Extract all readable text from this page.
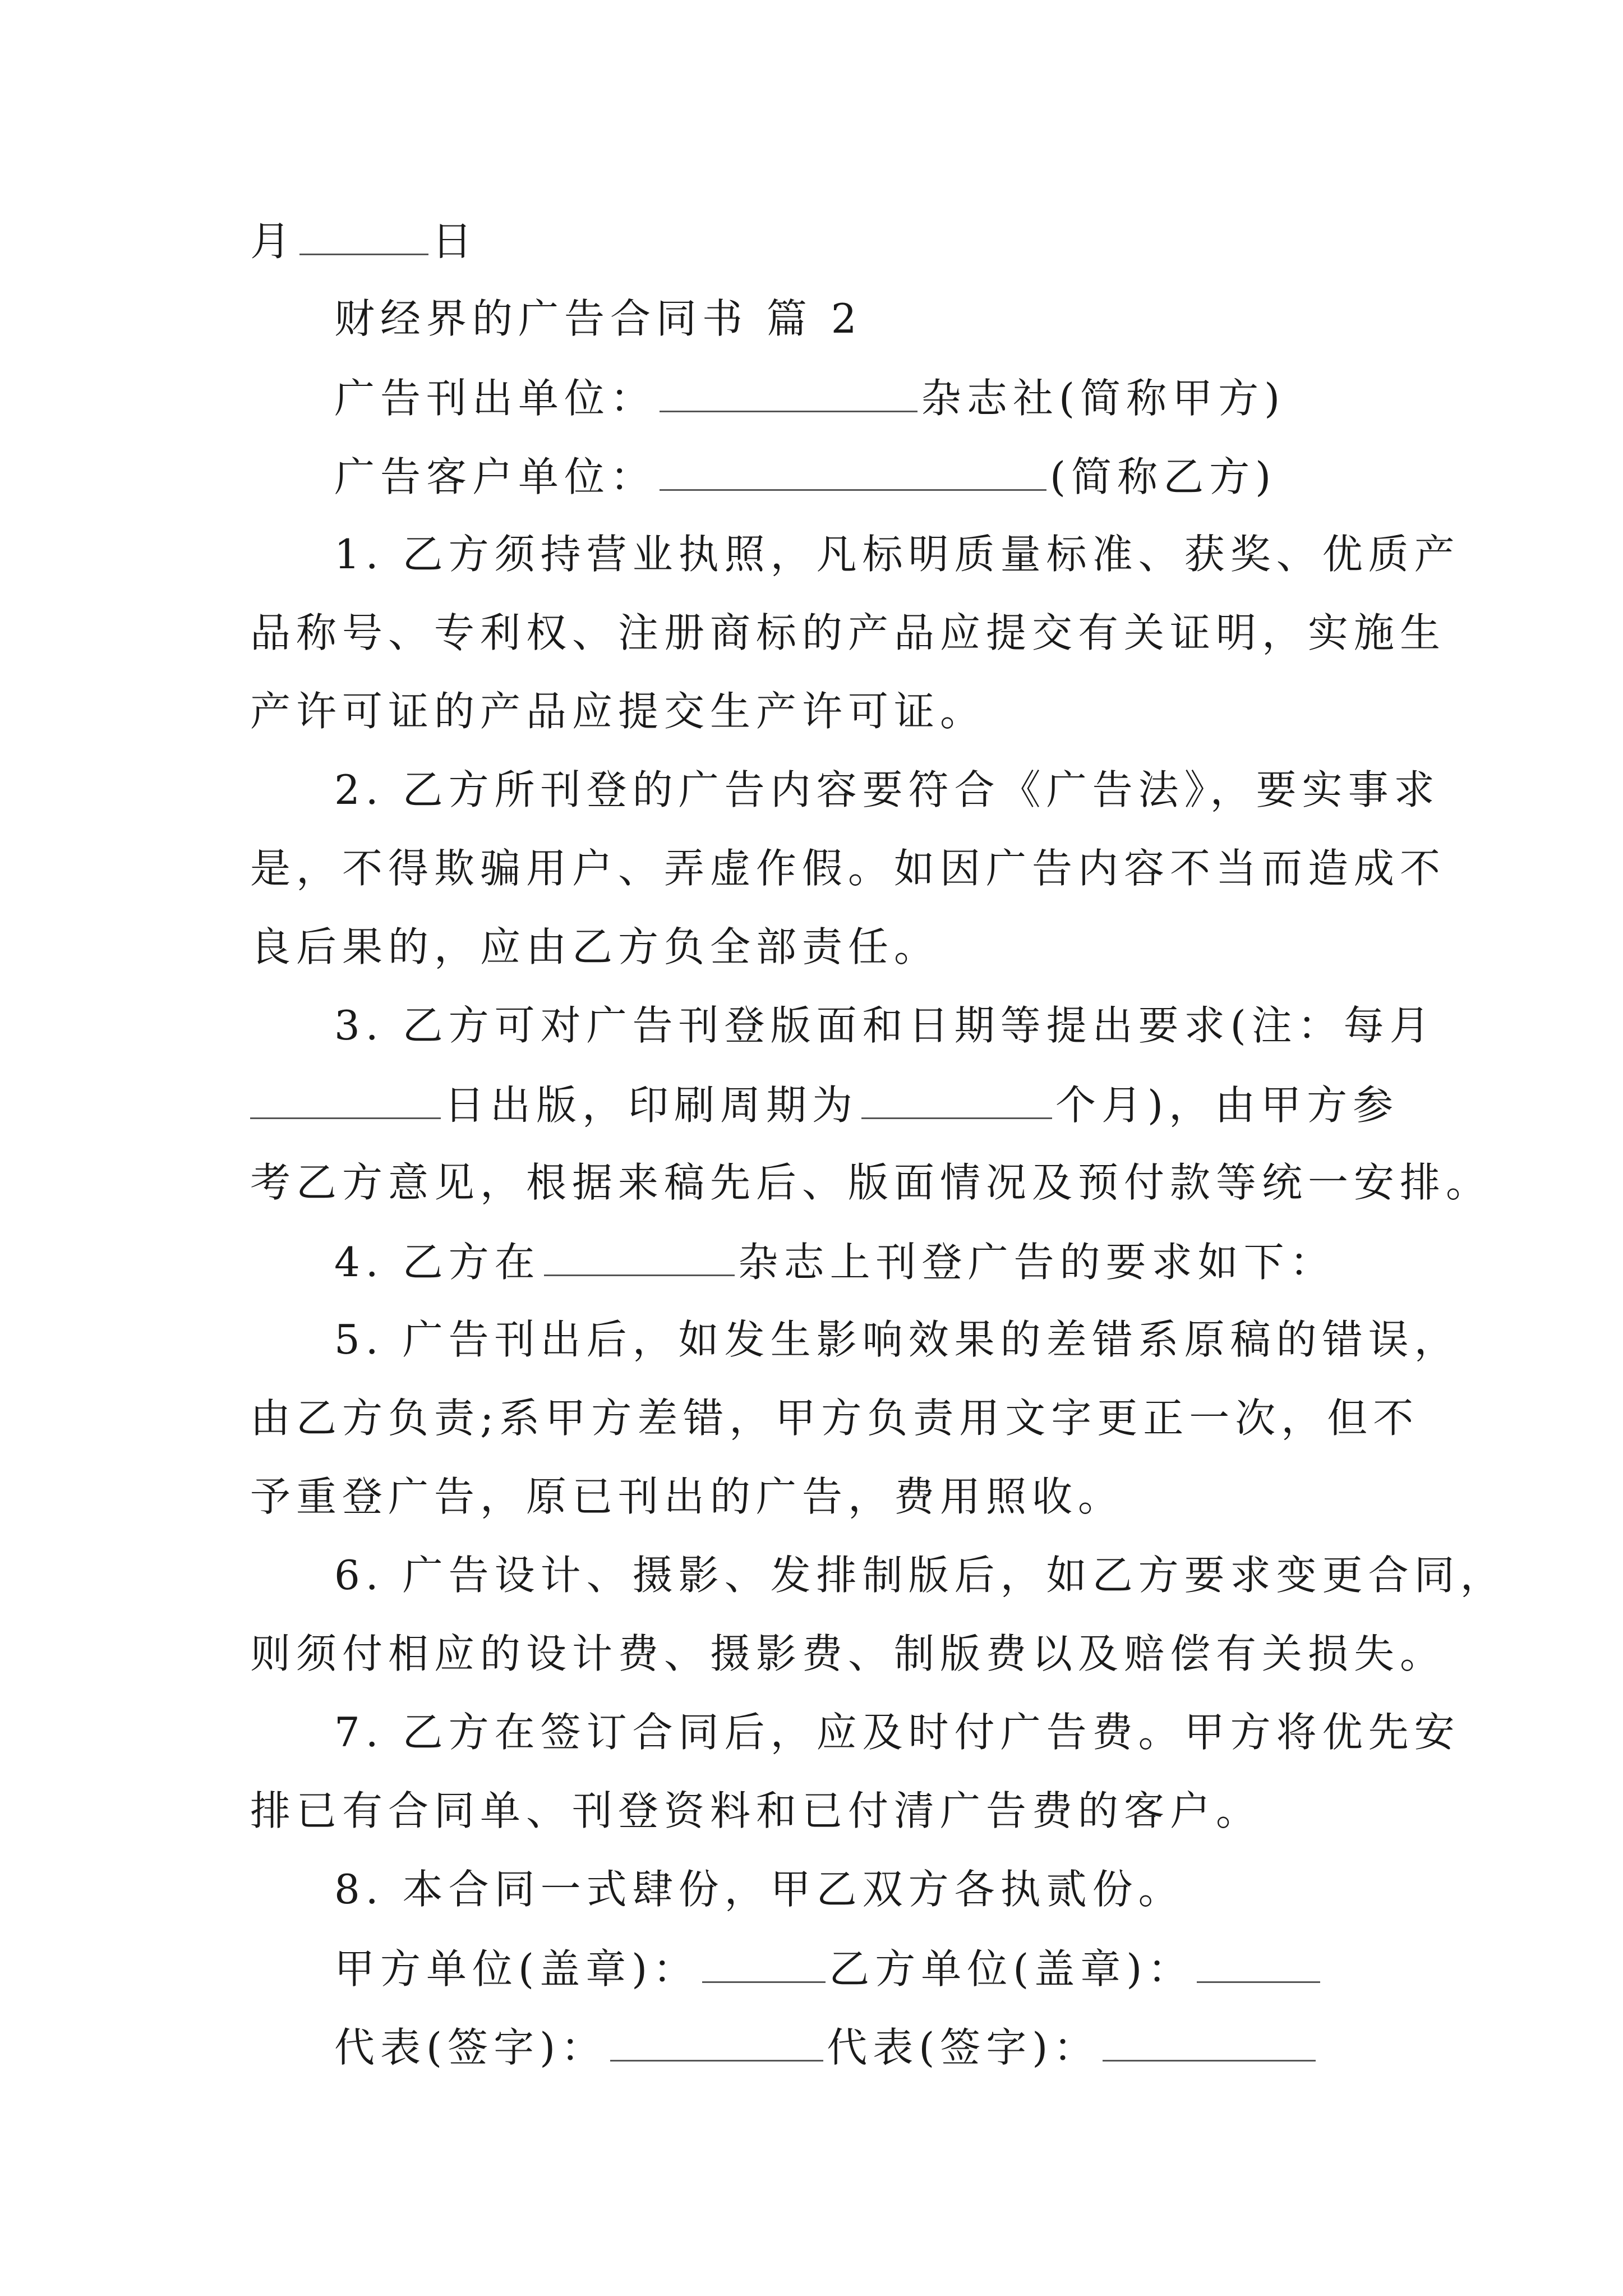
月	日
财经界的广告合同书 篇 2
广告刊出单位：	杂志社(简称甲方)
广告客户单位：	(简称乙方)
1. 乙方须持营业执照，凡标明质量标准、获奖、优质产
品称号、专利权、注册商标的产品应提交有关证明，实施生
产许可证的产品应提交生产许可证。
2. 乙方所刊登的广告内容要符合《广告法》，要实事求
是，不得欺骗用户、弄虚作假。如因广告内容不当而造成不
良后果的，应由乙方负全部责任。
3. 乙方可对广告刊登版面和日期等提出要求(注：每月
日出版，印刷周期为	个月)，由甲方参
考乙方意见，根据来稿先后、版面情况及预付款等统一安排。
4. 乙方在	杂志上刊登广告的要求如下：
5. 广告刊出后，如发生影响效果的差错系原稿的错误，
由乙方负责;系甲方差错，甲方负责用文字更正一次，但不
予重登广告，原已刊出的广告，费用照收。
6. 广告设计、摄影、发排制版后，如乙方要求变更合同，
则须付相应的设计费、摄影费、制版费以及赔偿有关损失。
7. 乙方在签订合同后，应及时付广告费。甲方将优先安
排已有合同单、刊登资料和已付清广告费的客户。
8. 本合同一式肆份，甲乙双方各执贰份。
甲方单位(盖章)：	乙方单位(盖章)：
代表(签字)：	代表(签字)：
